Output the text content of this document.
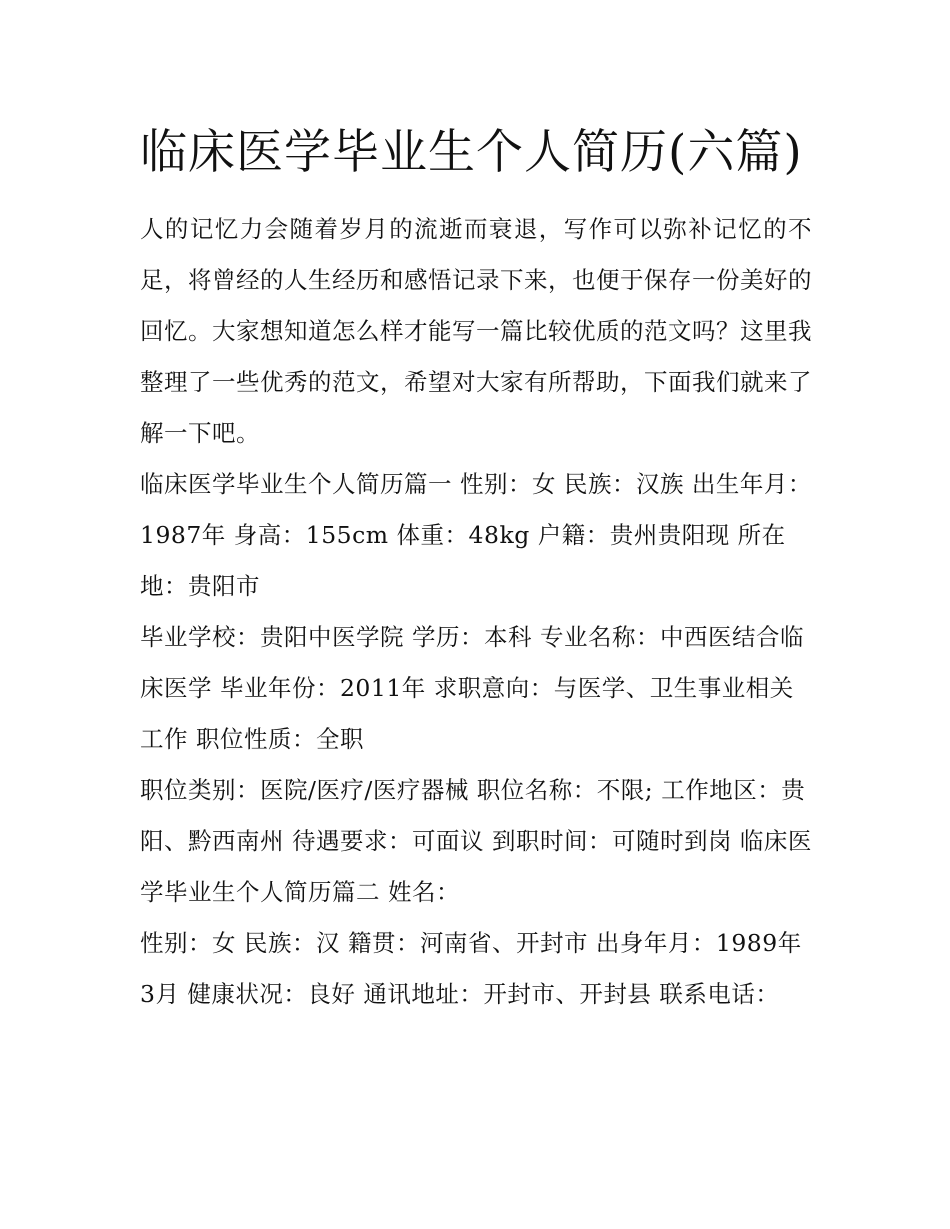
临床医学毕业生个人简历(六篇)

人的记忆力会随着岁月的流逝而衰退，写作可以弥补记忆的不足，将曾经的人生经历和感悟记录下来，也便于保存一份美好的回忆。大家想知道怎么样才能写一篇比较优质的范文吗？这里我整理了一些优秀的范文，希望对大家有所帮助，下面我们就来了解一下吧。

临床医学毕业生个人简历篇一 性别：女 民族：汉族 出生年月：1987年 身高：155cm 体重：48kg 户籍：贵州贵阳现 所在地：贵阳市

毕业学校：贵阳中医学院 学历：本科 专业名称：中西医结合临床医学 毕业年份：2011年 求职意向：与医学、卫生事业相关工作 职位性质：全职

职位类别：医院/医疗/医疗器械 职位名称：不限; 工作地区：贵阳、黔西南州 待遇要求：可面议 到职时间：可随时到岗 临床医学毕业生个人简历篇二 姓名：

性别：女 民族：汉 籍贯：河南省、开封市 出身年月：1989年3月 健康状况：良好 通讯地址：开封市、开封县 联系电话：
